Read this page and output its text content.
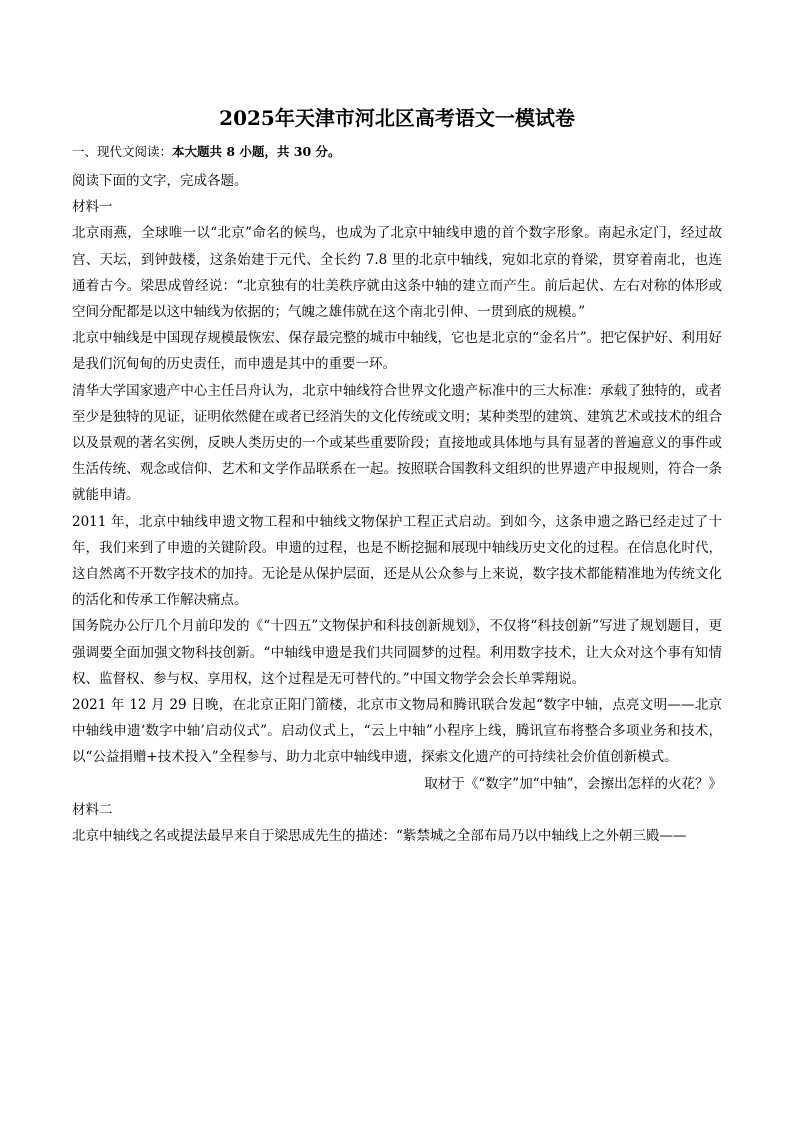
2025年天津市河北区高考语文一模试卷

一、现代文阅读：本大题共 8 小题，共 30 分。

阅读下面的文字，完成各题。

材料一

北京雨燕，全球唯一以“北京”命名的候鸟，也成为了北京中轴线申遗的首个数字形象。南起永定门，经过故宫、天坛，到钟鼓楼，这条始建于元代、全长约 7.8 里的北京中轴线，宛如北京的脊梁，贯穿着南北，也连通着古今。梁思成曾经说：“北京独有的壮美秩序就由这条中轴的建立而产生。前后起伏、左右对称的体形或空间分配都是以这中轴线为依据的；气魄之雄伟就在这个南北引伸、一贯到底的规模。”

北京中轴线是中国现存规模最恢宏、保存最完整的城市中轴线，它也是北京的“金名片”。把它保护好、利用好是我们沉甸甸的历史责任，而申遗是其中的重要一环。

清华大学国家遗产中心主任吕舟认为，北京中轴线符合世界文化遗产标准中的三大标准：承载了独特的，或者至少是独特的见证，证明依然健在或者已经消失的文化传统或文明；某种类型的建筑、建筑艺术或技术的组合以及景观的著名实例，反映人类历史的一个或某些重要阶段；直接地或具体地与具有显著的普遍意义的事件或生活传统、观念或信仰、艺术和文学作品联系在一起。按照联合国教科文组织的世界遗产申报规则，符合一条就能申请。

2011 年，北京中轴线申遗文物工程和中轴线文物保护工程正式启动。到如今，这条申遗之路已经走过了十年，我们来到了申遗的关键阶段。申遗的过程，也是不断挖掘和展现中轴线历史文化的过程。在信息化时代，这自然离不开数字技术的加持。无论是从保护层面，还是从公众参与上来说，数字技术都能精准地为传统文化的活化和传承工作解决痛点。

国务院办公厅几个月前印发的《“十四五”文物保护和科技创新规划》，不仅将“科技创新”写进了规划题目，更强调要全面加强文物科技创新。“中轴线申遗是我们共同圆梦的过程。利用数字技术，让大众对这个事有知情权、监督权、参与权、享用权，这个过程是无可替代的。”中国文物学会会长单霁翔说。

2021 年 12 月 29 日晚，在北京正阳门箭楼，北京市文物局和腾讯联合发起“数字中轴，点亮文明——北京中轴线申遗‘数字中轴’启动仪式”。启动仪式上，“云上中轴”小程序上线，腾讯宣布将整合多项业务和技术，以“公益捐赠+技术投入”全程参与、助力北京中轴线申遗，探索文化遗产的可持续社会价值创新模式。

取材于《“数字”加“中轴”，会擦出怎样的火花？》

材料二

北京中轴线之名或提法最早来自于梁思成先生的描述：“紫禁城之全部布局乃以中轴线上之外朝三殿——
